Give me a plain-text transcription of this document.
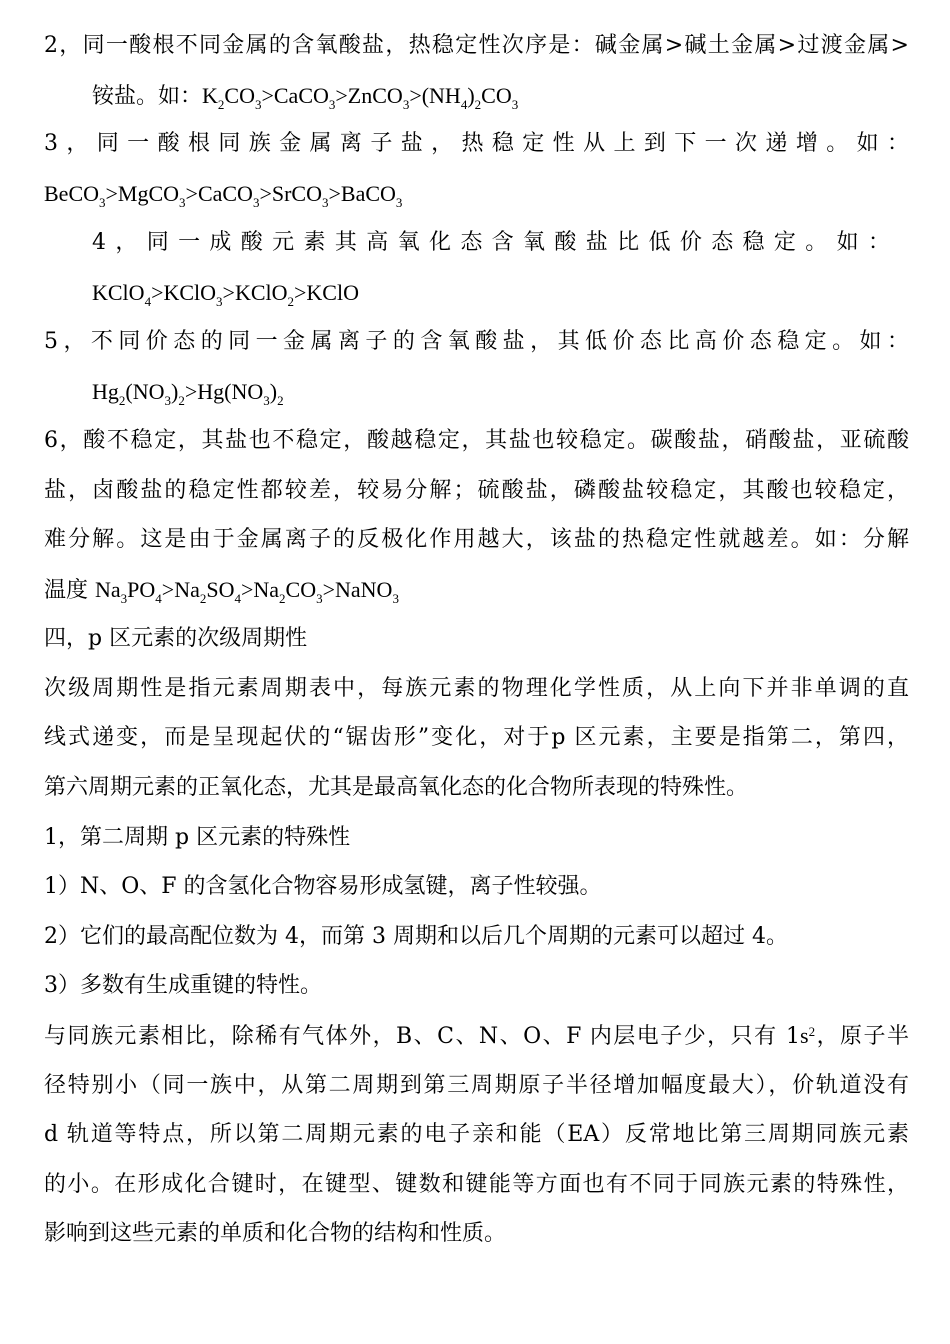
2，同一酸根不同金属的含氧酸盐，热稳定性次序是：碱金属>碱土金属>过渡金属>
铵盐。如：$K_2CO_3>CaCO_3>ZnCO_3>(NH_4)_2CO_3$
3，同一酸根同族金属离子盐，热稳定性从上到下一次递增。如：
BeCO$_3$>MgCO$_3$>CaCO$_3$>SrCO$_3$>BaCO$_3$
4，同一成酸元素其高氧化态含氧酸盐比低价态稳定。如：
KClO$_4$>KClO$_3$>KClO$_2$>KClO
5，不同价态的同一金属离子的含氧酸盐，其低价态比高价态稳定。如：
$Hg_2(NO_3)_2>Hg(NO_3)_2$
6，酸不稳定，其盐也不稳定，酸越稳定，其盐也较稳定。碳酸盐，硝酸盐，亚硫酸
盐，卤酸盐的稳定性都较差，较易分解；硫酸盐，磷酸盐较稳定，其酸也较稳定，
难分解。这是由于金属离子的反极化作用越大，该盐的热稳定性就越差。如：分解
温度 $Na_3PO_4>Na_2SO_4>Na_2CO_3>NaNO_3$
四，p 区元素的次级周期性
次级周期性是指元素周期表中，每族元素的物理化学性质，从上向下并非单调的直
线式递变，而是呈现起伏的“锯齿形”变化，对于p 区元素，主要是指第二，第四，
第六周期元素的正氧化态，尤其是最高氧化态的化合物所表现的特殊性。
1，第二周期 p 区元素的特殊性
1）N、O、F 的含氢化合物容易形成氢键，离子性较强。
2）它们的最高配位数为 4，而第 3 周期和以后几个周期的元素可以超过 4。
3）多数有生成重键的特性。
与同族元素相比，除稀有气体外，B、C、N、O、F 内层电子少，只有 $1s^2$，原子半
径特别小（同一族中，从第二周期到第三周期原子半径增加幅度最大），价轨道没有
d 轨道等特点，所以第二周期元素的电子亲和能（EA）反常地比第三周期同族元素
的小。在形成化合键时，在键型、键数和键能等方面也有不同于同族元素的特殊性，
影响到这些元素的单质和化合物的结构和性质。
